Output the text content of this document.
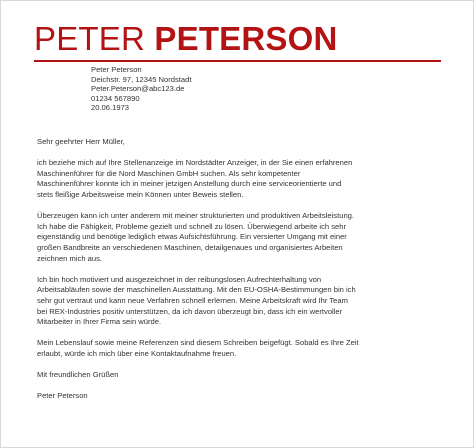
PETER PETERSON
Peter Peterson
Deichstr. 97, 12345 Nordstadt
Peter.Peterson@abc123.de
01234 567890
20.06.1973

Sehr geehrter Herr Müller,

ich beziehe mich auf Ihre Stellenanzeige im Nordstädter Anzeiger, in der Sie einen erfahrenen
Maschinenführer für die Nord Maschinen GmbH suchen. Als sehr kompetenter
Maschinenführer konnte ich in meiner jetzigen Anstellung durch eine serviceorientierte und
stets fleißige Arbeitsweise mein Können unter Beweis stellen.

Überzeugen kann ich unter anderem mit meiner strukturierten und produktiven Arbeitsleistung.
Ich habe die Fähigkeit, Probleme gezielt und schnell zu lösen. Überwiegend arbeite ich sehr
eigenständig und benötige lediglich etwas Aufsichtsführung. Ein versierter Umgang mit einer
großen Bandbreite an verschiedenen Maschinen, detailgenaues und organisiertes Arbeiten
zeichnen mich aus.

Ich bin hoch motiviert und ausgezeichnet in der reibungslosen Aufrechterhaltung von
Arbeitsabläufen sowie der maschinellen Ausstattung. Mit den EU-OSHA-Bestimmungen bin ich
sehr gut vertraut und kann neue Verfahren schnell erlernen. Meine Arbeitskraft wird Ihr Team
bei REX-Industries positiv unterstützen, da ich davon überzeugt bin, dass ich ein wertvoller
Mitarbeiter in Ihrer Firma sein würde.

Mein Lebenslauf sowie meine Referenzen sind diesem Schreiben beigefügt. Sobald es Ihre Zeit
erlaubt, würde ich mich über eine Kontaktaufnahme freuen.

Mit freundlichen Grüßen

Peter Peterson
